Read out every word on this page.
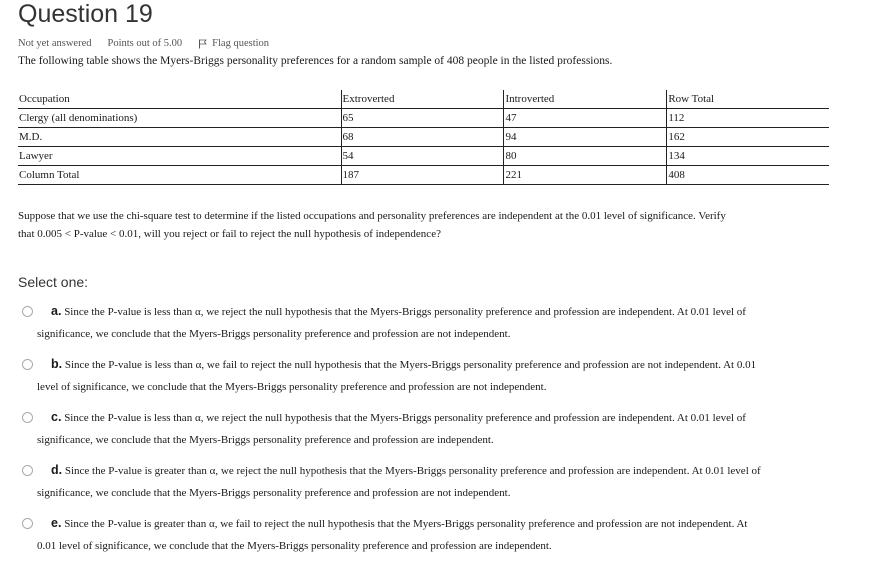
Question 19
Not yet answered Points out of 5.00	Flag question
The following table shows the Myers-Briggs personality preferences for a random sample of 408 people in the listed professions.
Occupation	Extroverted	Introverted	Row Total
Clergy (all denominations)	65	47	112
M.D.	68	94	162
Lawyer	54	80	134
Column Total	187	221	408
Suppose that we use the chi-square test to determine if the listed occupations and personality preferences are independent at the 0.01 level of significance. Verify
that 0.005 < P-value < 0.01, will you reject or fail to reject the null hypothesis of independence?
Select one:
a. Since the P-value is less than α, we reject the null hypothesis that the Myers-Briggs personality preference and profession are independent. At 0.01 level of
significance, we conclude that the Myers-Briggs personality preference and profession are not independent.
b. Since the P-value is less than α, we fail to reject the null hypothesis that the Myers-Briggs personality preference and profession are not independent. At 0.01
level of significance, we conclude that the Myers-Briggs personality preference and profession are not independent.
c. Since the P-value is less than α, we reject the null hypothesis that the Myers-Briggs personality preference and profession are independent. At 0.01 level of
significance, we conclude that the Myers-Briggs personality preference and profession are independent.
d. Since the P-value is greater than α, we reject the null hypothesis that the Myers-Briggs personality preference and profession are independent. At 0.01 level of
significance, we conclude that the Myers-Briggs personality preference and profession are not independent.
e. Since the P-value is greater than α, we fail to reject the null hypothesis that the Myers-Briggs personality preference and profession are not independent. At
0.01 level of significance, we conclude that the Myers-Briggs personality preference and profession are independent.
